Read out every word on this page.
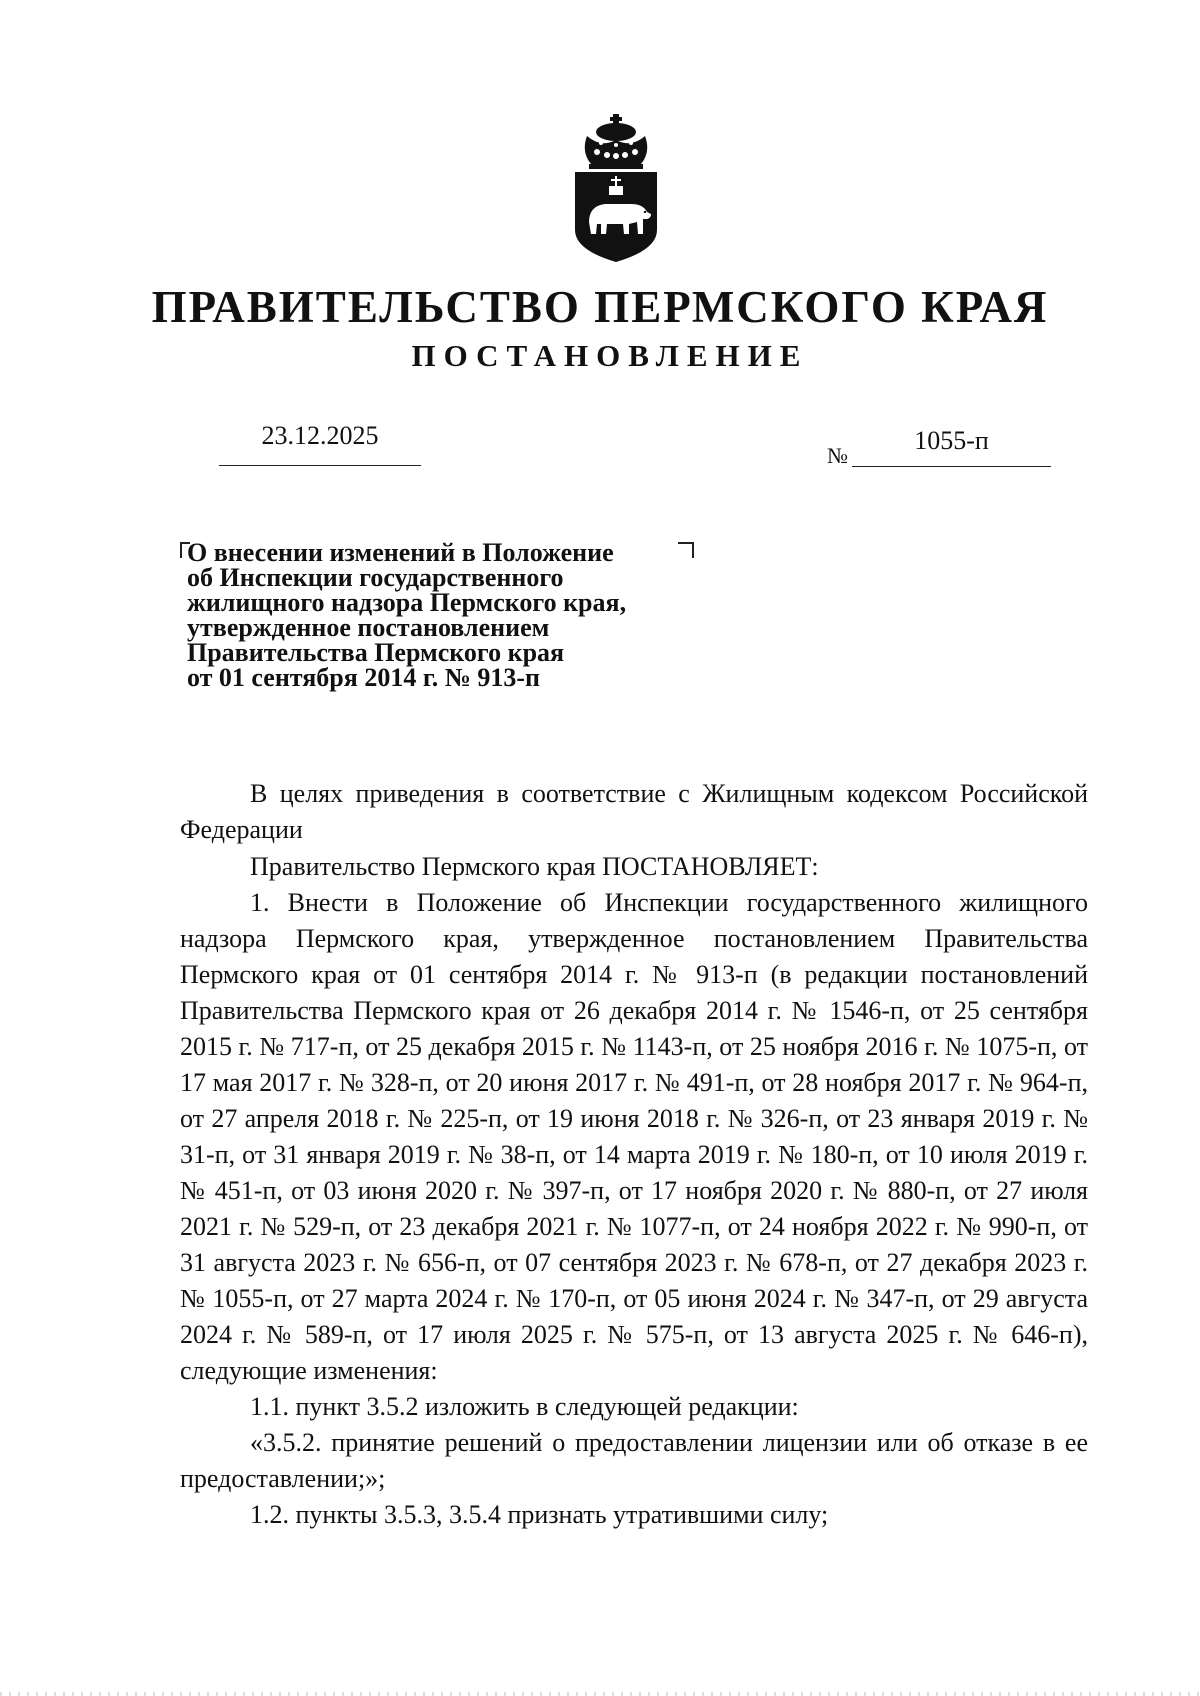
ПРАВИТЕЛЬСТВО ПЕРМСКОГО КРАЯ
ПОСТАНОВЛЕНИЕ
23.12.2025
№
1055-п
О внесении изменений в Положение
об Инспекции государственного
жилищного надзора Пермского края,
утвержденное постановлением
Правительства Пермского края
от 01 сентября 2014 г. № 913-п

В целях приведения в соответствие с Жилищным кодексом Российской Федерации

Правительство Пермского края ПОСТАНОВЛЯЕТ:

1. Внести в Положение об Инспекции государственного жилищного надзора Пермского края, утвержденное постановлением Правительства Пермского края от 01 сентября 2014 г. № 913-п (в редакции постановлений Правительства Пермского края от 26 декабря 2014 г. № 1546-п, от 25 сентября 2015 г. № 717-п, от 25 декабря 2015 г. № 1143-п, от 25 ноября 2016 г. № 1075-п, от 17 мая 2017 г. № 328-п, от 20 июня 2017 г. № 491-п, от 28 ноября 2017 г. № 964-п, от 27 апреля 2018 г. № 225-п, от 19 июня 2018 г. № 326-п, от 23 января 2019 г. № 31-п, от 31 января 2019 г. № 38-п, от 14 марта 2019 г. № 180-п, от 10 июля 2019 г. № 451-п, от 03 июня 2020 г. № 397-п, от 17 ноября 2020 г. № 880-п, от 27 июля 2021 г. № 529-п, от 23 декабря 2021 г. № 1077-п, от 24 ноября 2022 г. № 990-п, от 31 августа 2023 г. № 656-п, от 07 сентября 2023 г. № 678-п, от 27 декабря 2023 г. № 1055-п, от 27 марта 2024 г. № 170-п, от 05 июня 2024 г. № 347-п, от 29 августа 2024 г. № 589-п, от 17 июля 2025 г. № 575-п, от 13 августа 2025 г. № 646-п), следующие изменения:

1.1. пункт 3.5.2 изложить в следующей редакции:

«3.5.2. принятие решений о предоставлении лицензии или об отказе в ее предоставлении;»;

1.2. пункты 3.5.3, 3.5.4 признать утратившими силу;
